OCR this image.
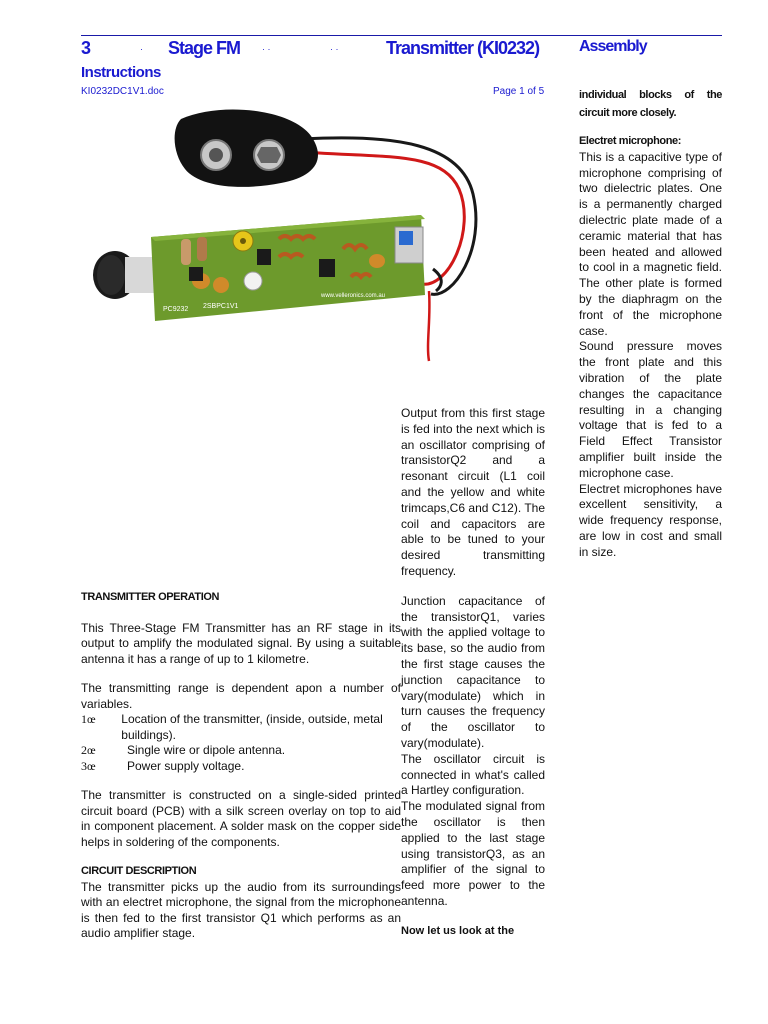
3	· Stage FM · ·	· ·	Transmitter (KI0232) Assembly
Instructions
KI0232DC1V1.doc	Page 1 of 5
PC9232 2SBPC1V1
www.velleronics.com.au

Output from this first stage is fed into the next which is an oscillator comprising of transistorQ2 and a resonant circuit (L1 coil and the yellow and white trimcaps,C6 and C12). The coil and capacitors are able to be tuned to your desired transmitting frequency.

Junction capacitance of the transistorQ1, varies with the applied voltage to its base, so the audio from the first stage causes the junction capacitance to vary(modulate) which in turn causes the frequency of the oscillator to vary(modulate).

The oscillator circuit is connected in what's called a Hartley configuration.

The modulated signal from the oscillator is then applied to the last stage using transistorQ3, as an amplifier of the signal to feed more power to the antenna.

Now let us look at the

individual blocks of the circuit more closely.

Electret microphone:

This is a capacitive type of microphone comprising of two dielectric plates. One is a permanently charged dielectric plate made of a ceramic material that has been heated and allowed to cool in a magnetic field. The other plate is formed by the diaphragm on the front of the microphone case.

Sound pressure moves the front plate and this vibration of the plate changes the capacitance resulting in a changing voltage that is fed to a Field Effect Transistor amplifier built inside the microphone case.

Electret microphones have excellent sensitivity, a wide frequency response, are low in cost and small in size.

TRANSMITTER OPERATION

This Three-Stage FM Transmitter has an RF stage in its output to amplify the modulated signal. By using a suitable antenna it has a range of up to 1 kilometre.

The transmitting range is dependent apon a number of variables.

1œ	Location of the transmitter, (inside, outside, metal buildings).
2œ	Single wire or dipole antenna.
3œ	Power supply voltage.

The transmitter is constructed on a single-sided printed circuit board (PCB) with a silk screen overlay on top to aid in component placement. A solder mask on the copper side helps in soldering of the components.

CIRCUIT DESCRIPTION

The transmitter picks up the audio from its surroundings with an electret microphone, the signal from the microphone is then fed to the first transistor Q1 which performs as an audio amplifier stage.
